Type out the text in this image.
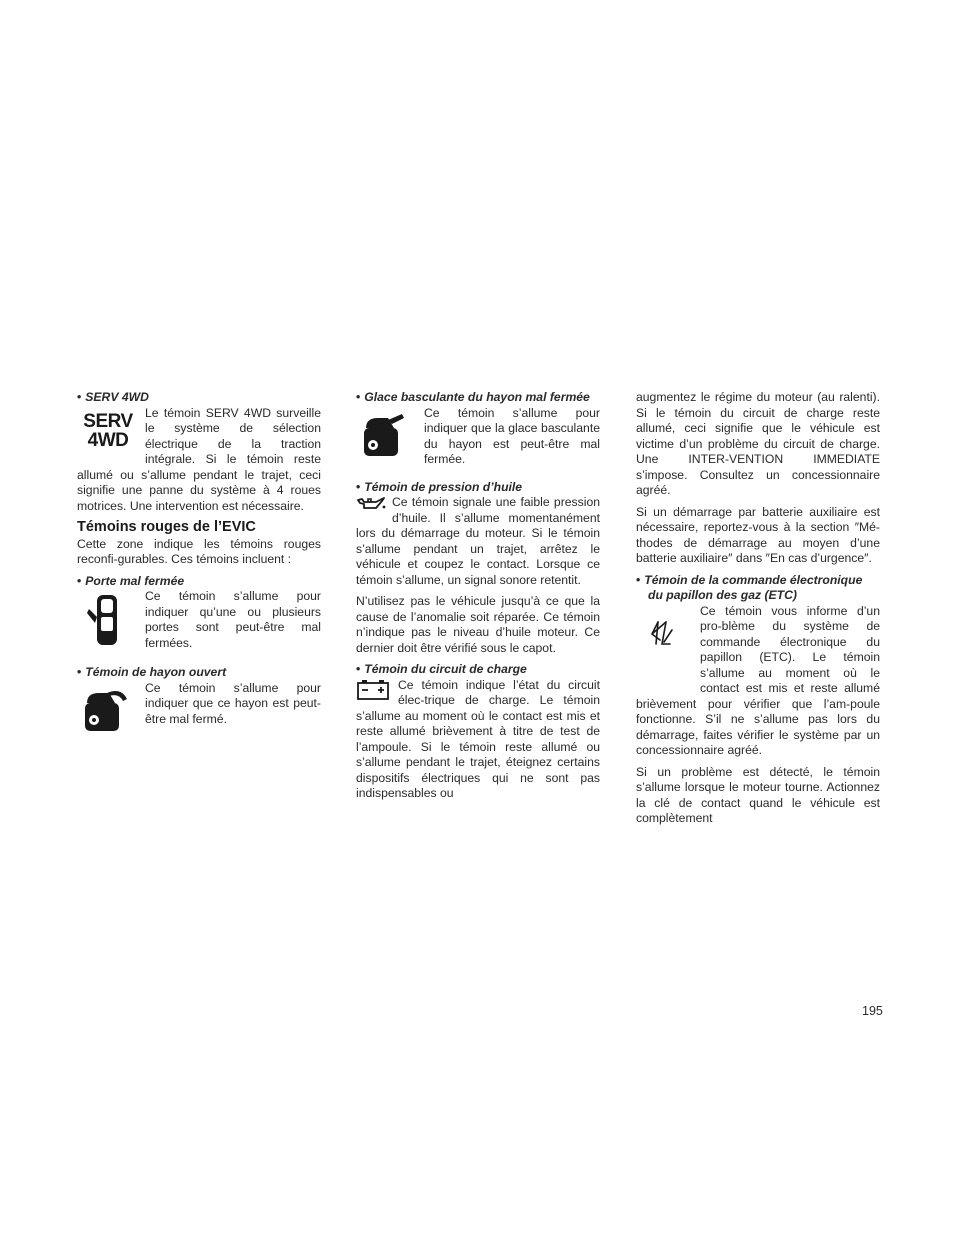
• SERV 4WD
SERV
4WD

Le témoin SERV 4WD surveille le système de sélection électrique de la traction intégrale. Si le témoin reste allumé ou s’allume pendant le trajet, ceci signifie une panne du système à 4 roues motrices. Une intervention est nécessaire.

Témoins rouges de l’EVIC

Cette zone indique les témoins rouges reconfi-gurables. Ces témoins incluent :

• Porte mal fermée

Ce témoin s’allume pour indiquer qu’une ou plusieurs portes sont peut-être mal fermées.

• Témoin de hayon ouvert

Ce témoin s’allume pour indiquer que ce hayon est peut-être mal fermé.

• Glace basculante du hayon mal fermée

Ce témoin s’allume pour indiquer que la glace basculante du hayon est peut-être mal fermée.

• Témoin de pression d’huile

Ce témoin signale une faible pression d’huile. Il s’allume momentanément lors du démarrage du moteur. Si le témoin s’allume pendant un trajet, arrêtez le véhicule et coupez le contact. Lorsque ce témoin s’allume, un signal sonore retentit.

N’utilisez pas le véhicule jusqu’à ce que la cause de l’anomalie soit réparée. Ce témoin n’indique pas le niveau d’huile moteur. Ce dernier doit être vérifié sous le capot.

• Témoin du circuit de charge

Ce témoin indique l’état du circuit élec-trique de charge. Le témoin s’allume au moment où le contact est mis et reste allumé brièvement à titre de test de l’ampoule. Si le témoin reste allumé ou s’allume pendant le trajet, éteignez certains dispositifs électriques qui ne sont pas indispensables ou

augmentez le régime du moteur (au ralenti). Si le témoin du circuit de charge reste allumé, ceci signifie que le véhicule est victime d’un problème du circuit de charge. Une INTER-VENTION IMMEDIATE s’impose. Consultez un concessionnaire agréé.

Si un démarrage par batterie auxiliaire est nécessaire, reportez-vous à la section ″Mé-thodes de démarrage au moyen d’une batterie auxiliaire″ dans ″En cas d’urgence″.

• Témoin de la commande électronique du papillon des gaz (ETC)

Ce témoin vous informe d’un pro-blème du système de commande électronique du papillon (ETC). Le témoin s’allume au moment où le contact est mis et reste allumé brièvement pour vérifier que l’am-poule fonctionne. S’il ne s’allume pas lors du démarrage, faites vérifier le système par un concessionnaire agréé.

Si un problème est détecté, le témoin s’allume lorsque le moteur tourne. Actionnez la clé de contact quand le véhicule est complètement

195
